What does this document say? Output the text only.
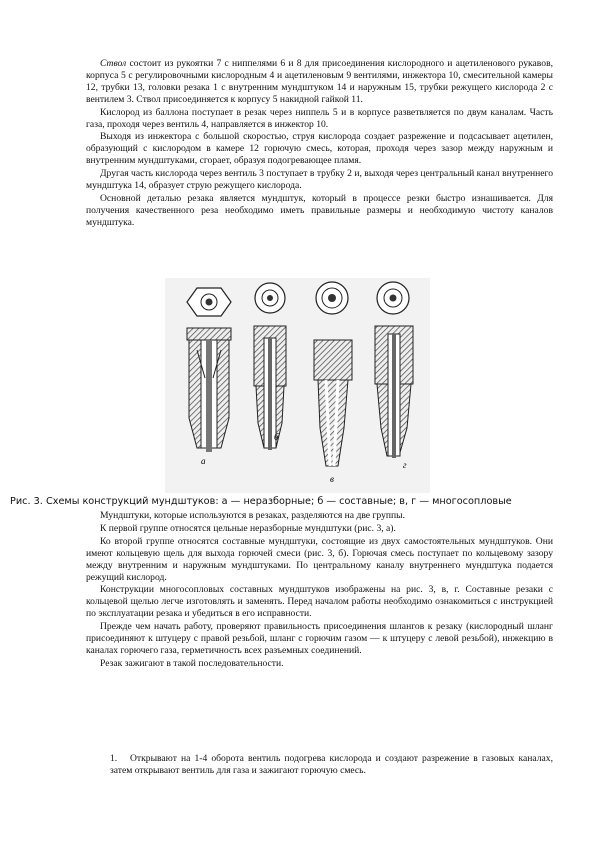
Ствол состоит из рукоятки 7 с ниппелями 6 и 8 для присоединения кислородного и ацетиленового рукавов, корпуса 5 с регулировочными кислородным 4 и ацетиленовым 9 вентилями, инжектора 10, смесительной камеры 12, трубки 13, головки резака 1 с внутренним мундштуком 14 и наружным 15, трубки режущего кислорода 2 с вентилем 3. Ствол присоединяется к корпусу 5 накидной гайкой 11.

Кислород из баллона поступает в резак через ниппель 5 и в корпусе разветвляется по двум каналам. Часть газа, проходя через вентиль 4, направляется в инжектор 10.

Выходя из инжектора с большой скоростью, струя кислорода создает разрежение и подсасывает ацетилен, образующий с кислородом в камере 12 горючую смесь, которая, проходя через зазор между наружным и внутренним мундштуками, сгорает, образуя подогревающее пламя.

Другая часть кислорода через вентиль 3 поступает в трубку 2 и, выходя через центральный канал внутреннего мундштука 14, образует струю режущего кислорода.

Основной деталью резака является мундштук, который в процессе резки быстро изнашивается. Для получения качественного реза необходимо иметь правильные размеры и необходимую чистоту каналов мундштука.

а
б
в
г
Рис. 3. Схемы конструкций мундштуков: а — неразборные; б — составные; в, г — многосопловые

Мундштуки, которые используются в резаках, разделяются на две группы.

К первой группе относятся цельные неразборные мундштуки (рис. 3, а).

Ко второй группе относятся составные мундштуки, состоящие из двух самостоятельных мундштуков. Они имеют кольцевую щель для выхода горючей смеси (рис. 3, б). Горючая смесь поступает по кольцевому зазору между внутренним и наружным мундштуками. По центральному каналу внутреннего мундштука подается режущий кислород.

Конструкции многосопловых составных мундштуков изображены на рис. 3, в, г. Составные резаки с кольцевой щелью легче изготовлять и заменять. Перед началом работы необходимо ознакомиться с инструкцией по эксплуатации резака и убедиться в его исправности.

Прежде чем начать работу, проверяют правильность присоединения шлангов к резаку (кислородный шланг присоединяют к штуцеру с правой резьбой, шланг с горючим газом — к штуцеру с левой резьбой), инжекцию в каналах горючего газа, герметичность всех разъемных соединений.

Резак зажигают в такой последовательности.

1. Открывают на 1-4 оборота вентиль подогрева кислорода и создают разрежение в газовых каналах, затем открывают вентиль для газа и зажигают горючую смесь.
